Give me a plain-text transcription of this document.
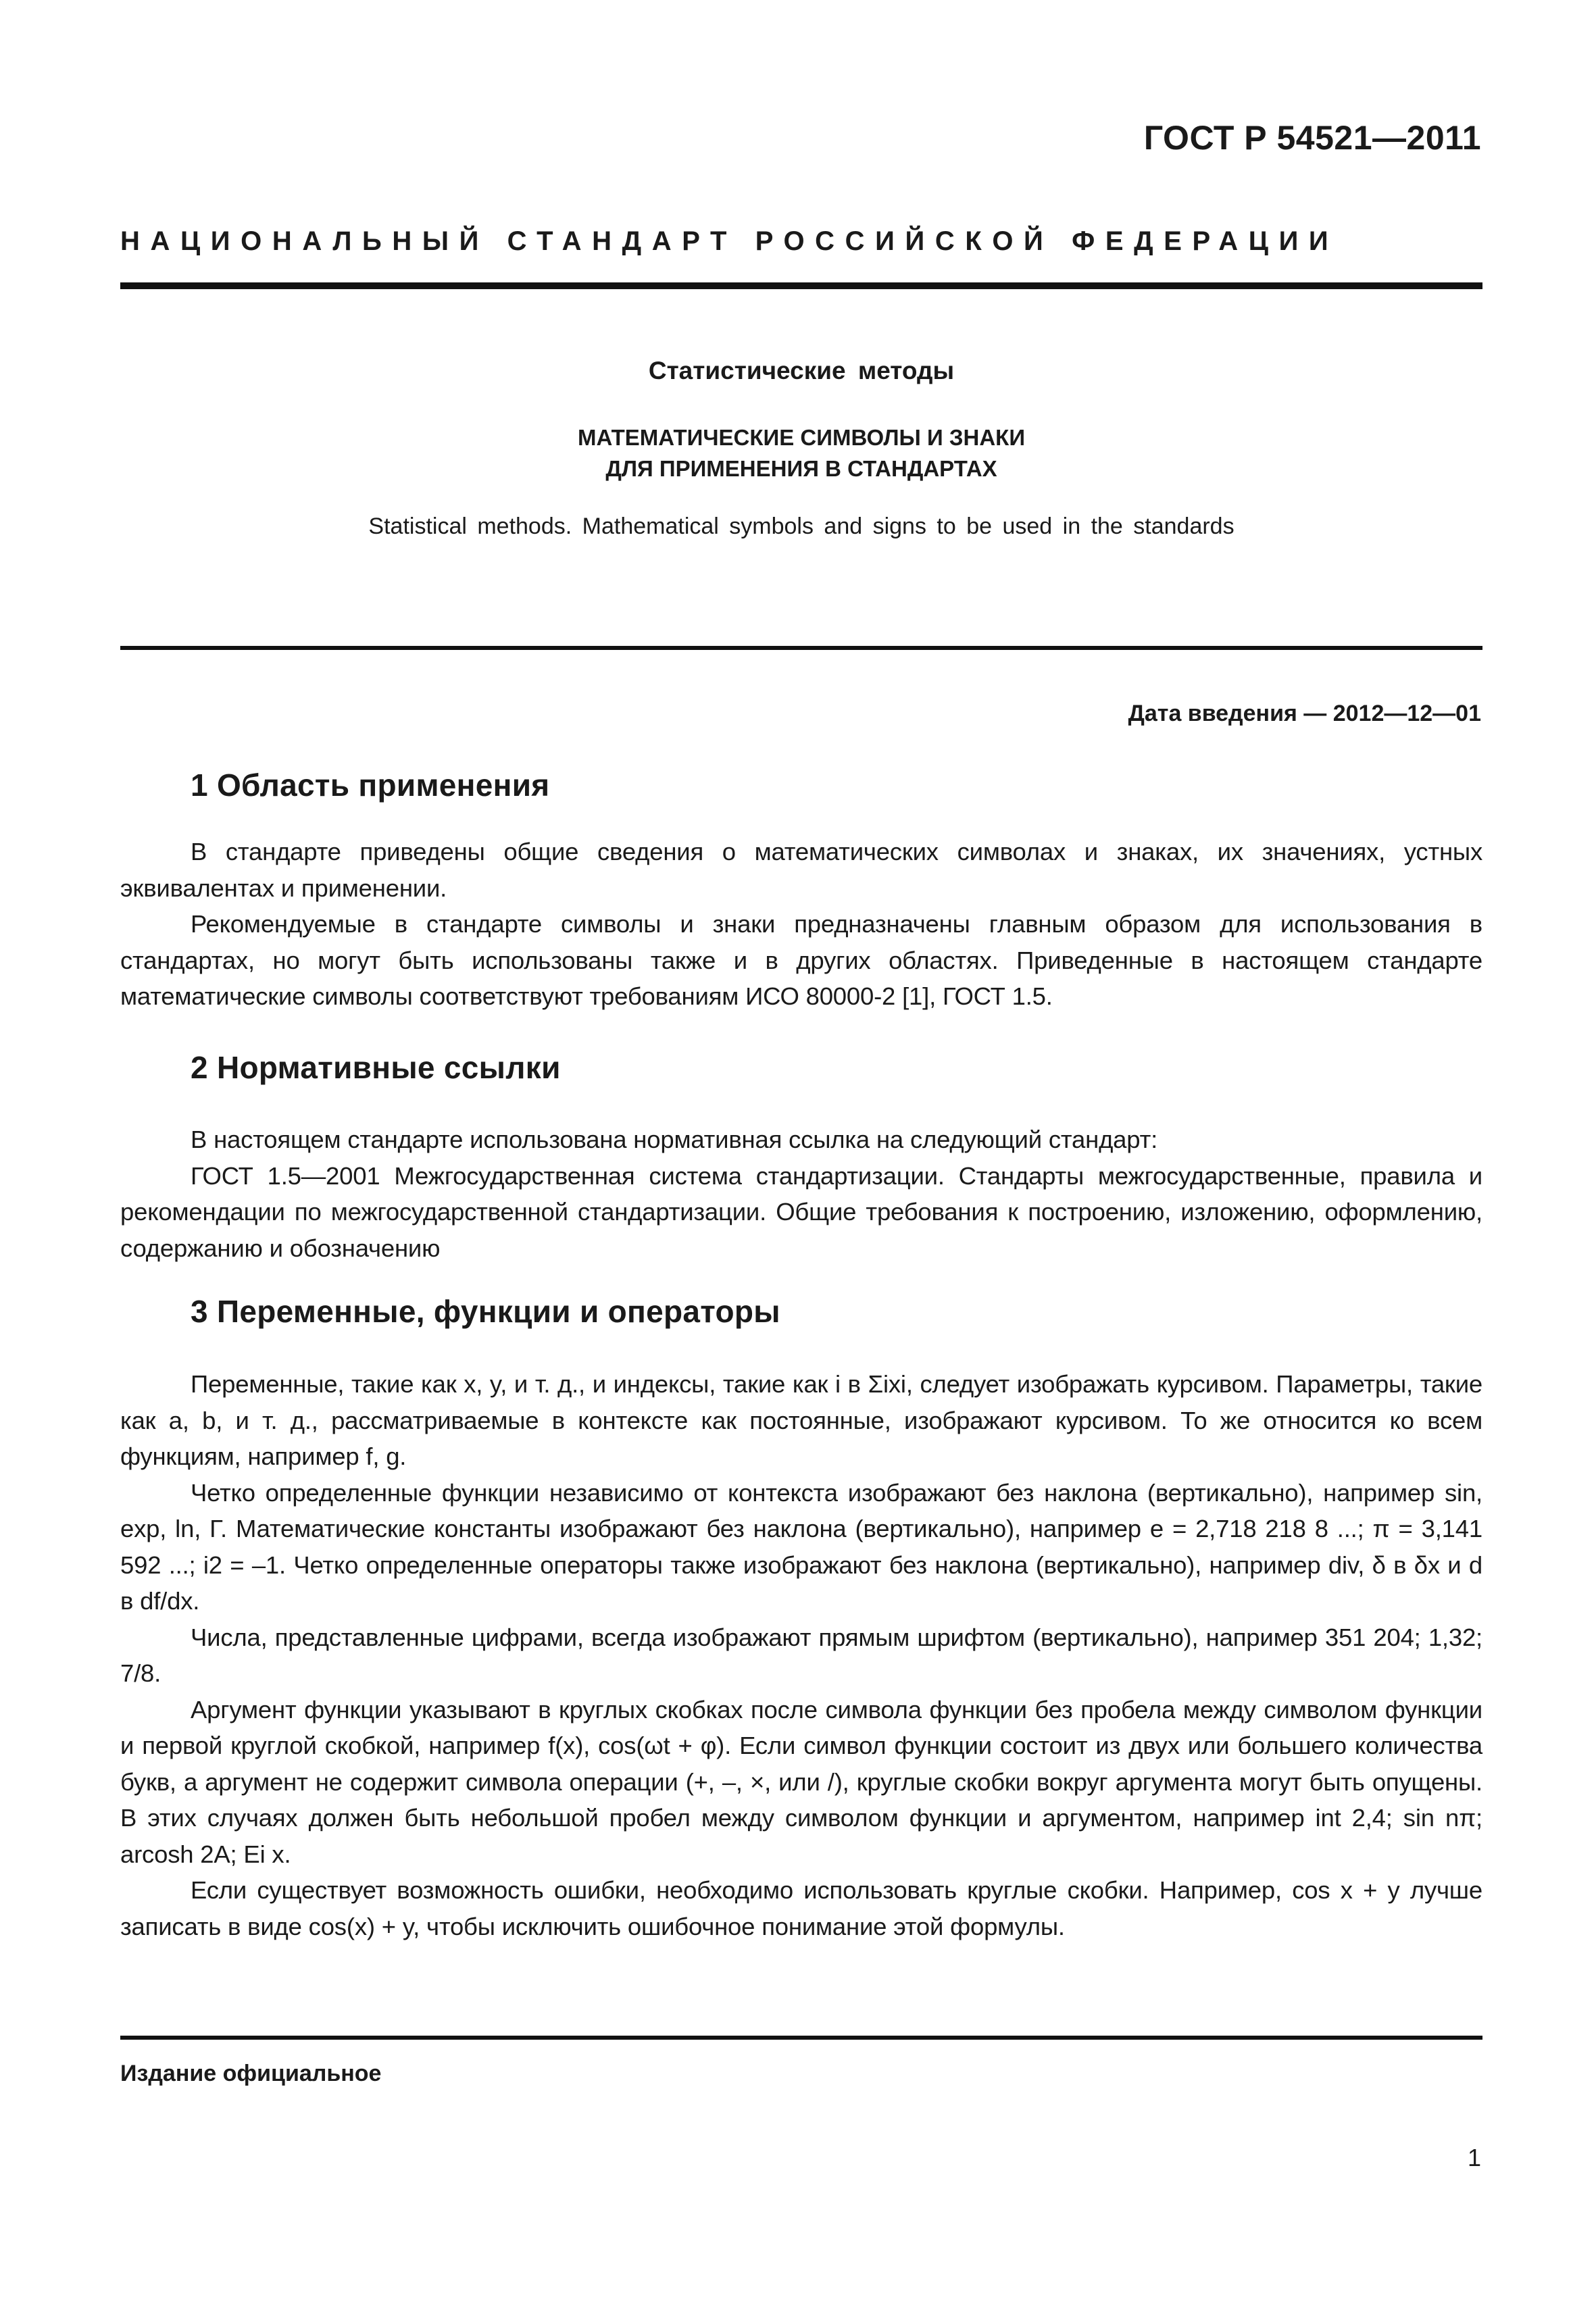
ГОСТ Р 54521—2011
НАЦИОНАЛЬНЫЙ СТАНДАРТ РОССИЙСКОЙ ФЕДЕРАЦИИ
Статистические методы
МАТЕМАТИЧЕСКИЕ СИМВОЛЫ И ЗНАКИ
ДЛЯ ПРИМЕНЕНИЯ В СТАНДАРТАХ
Statistical methods. Mathematical symbols and signs to be used in the standards
Дата введения — 2012—12—01
1 Область применения

В стандарте приведены общие сведения о математических символах и знаках, их значениях, устных эквивалентах и применении.

Рекомендуемые в стандарте символы и знаки предназначены главным образом для использования в стандартах, но могут быть использованы также и в других областях. Приведенные в настоящем стандарте математические символы соответствуют требованиям ИСО 80000-2 [1], ГОСТ 1.5.

2 Нормативные ссылки

В настоящем стандарте использована нормативная ссылка на следующий стандарт:

ГОСТ 1.5—2001 Межгосударственная система стандартизации. Стандарты межгосударственные, правила и рекомендации по межгосударственной стандартизации. Общие требования к построению, изложению, оформлению, содержанию и обозначению

3 Переменные, функции и операторы

Переменные, такие как x, y, и т. д., и индексы, такие как i в Σixi, следует изображать курсивом. Параметры, такие как a, b, и т. д., рассматриваемые в контексте как постоянные, изображают курсивом. То же относится ко всем функциям, например f, g.

Четко определенные функции независимо от контекста изображают без наклона (вертикально), например sin, exp, ln, Γ. Математические константы изображают без наклона (вертикально), например e = 2,718 218 8 ...; π = 3,141 592 ...; i2 = –1. Четко определенные операторы также изображают без наклона (вертикально), например div, δ в δx и d в df/dx.

Числа, представленные цифрами, всегда изображают прямым шрифтом (вертикально), например 351 204; 1,32; 7/8.

Аргумент функции указывают в круглых скобках после символа функции без пробела между символом функции и первой круглой скобкой, например f(x), cos(ωt + φ). Если символ функции состоит из двух или большего количества букв, а аргумент не содержит символа операции (+, –, ×, или /), круглые скобки вокруг аргумента могут быть опущены. В этих случаях должен быть небольшой пробел между символом функции и аргументом, например int 2,4; sin nπ; arcosh 2A; Ei x.

Если существует возможность ошибки, необходимо использовать круглые скобки. Например, cos x + y лучше записать в виде cos(x) + y, чтобы исключить ошибочное понимание этой формулы.

Издание официальное
1
